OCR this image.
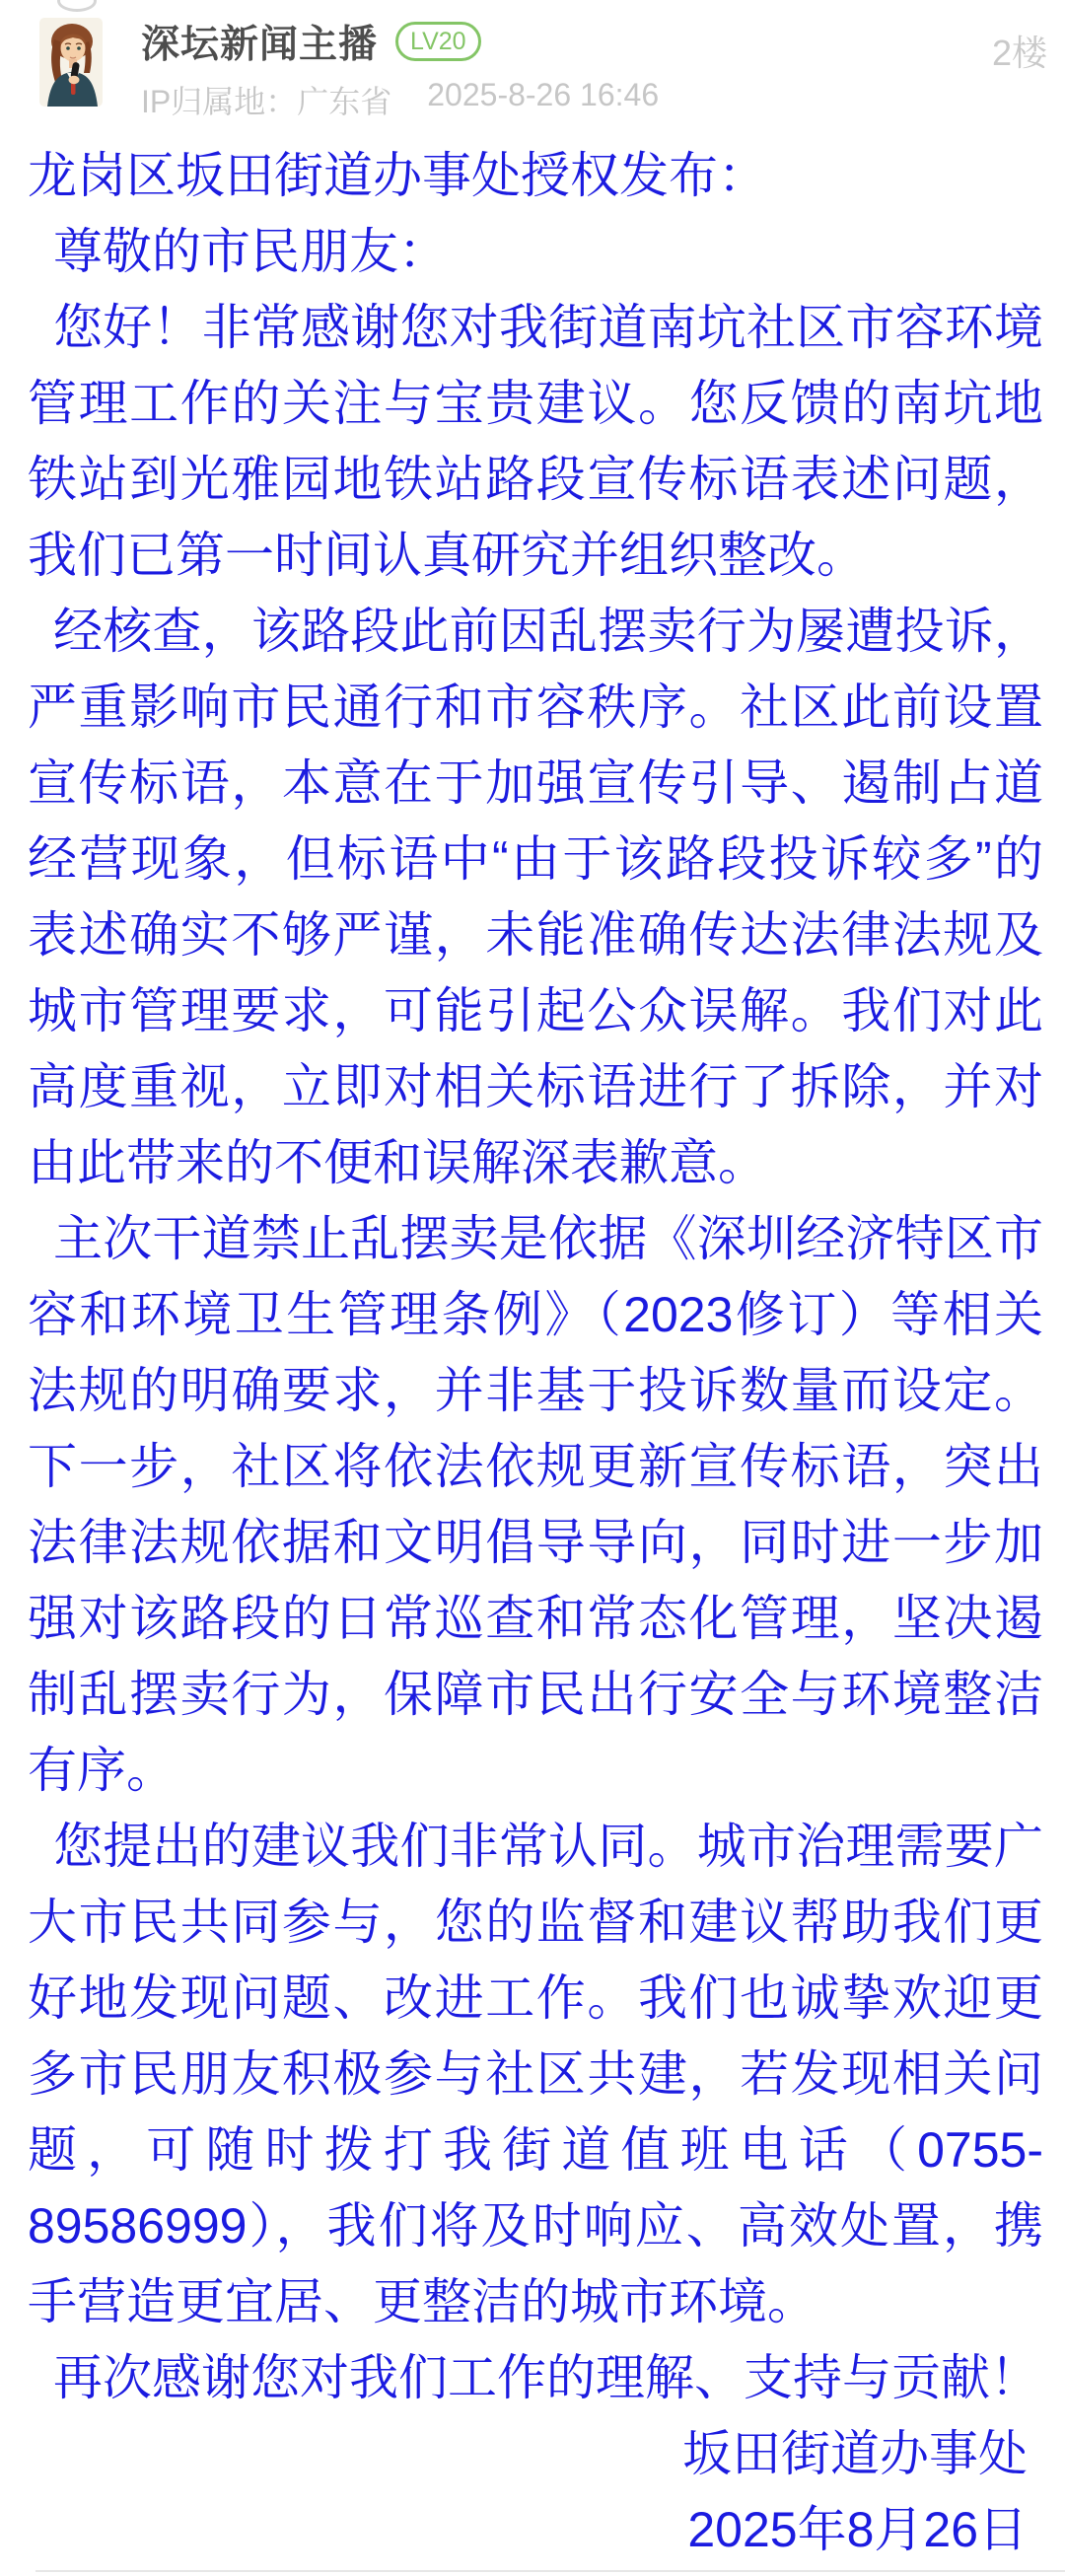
深坛新闻主播	LV20
IP归属地：广东省 2025-8-26 16:46
2楼

龙岗区坂田街道办事处授权发布：

尊敬的市民朋友：

您好！非常感谢您对我街道南坑社区市容环境管理工作的关注与宝贵建议。您反馈的南坑地铁站到光雅园地铁站路段宣传标语表述问题，我们已第一时间认真研究并组织整改。

经核查，该路段此前因乱摆卖行为屡遭投诉，严重影响市民通行和市容秩序。社区此前设置宣传标语，本意在于加强宣传引导、遏制占道经营现象，但标语中“由于该路段投诉较多”的表述确实不够严谨，未能准确传达法律法规及城市管理要求，可能引起公众误解。我们对此高度重视，立即对相关标语进行了拆除，并对由此带来的不便和误解深表歉意。

主次干道禁止乱摆卖是依据《深圳经济特区市容和环境卫生管理条例》（2023修订）等相关法规的明确要求，并非基于投诉数量而设定。下一步，社区将依法依规更新宣传标语，突出法律法规依据和文明倡导导向，同时进一步加强对该路段的日常巡查和常态化管理，坚决遏制乱摆卖行为，保障市民出行安全与环境整洁有序。

您提出的建议我们非常认同。城市治理需要广大市民共同参与，您的监督和建议帮助我们更好地发现问题、改进工作。我们也诚挚欢迎更多市民朋友积极参与社区共建，若发现相关问题，可随时拨打我街道值班电话（0755-89586999），我们将及时响应、高效处置，携手营造更宜居、更整洁的城市环境。

再次感谢您对我们工作的理解、支持与贡献！

坂田街道办事处

2025年8月26日
